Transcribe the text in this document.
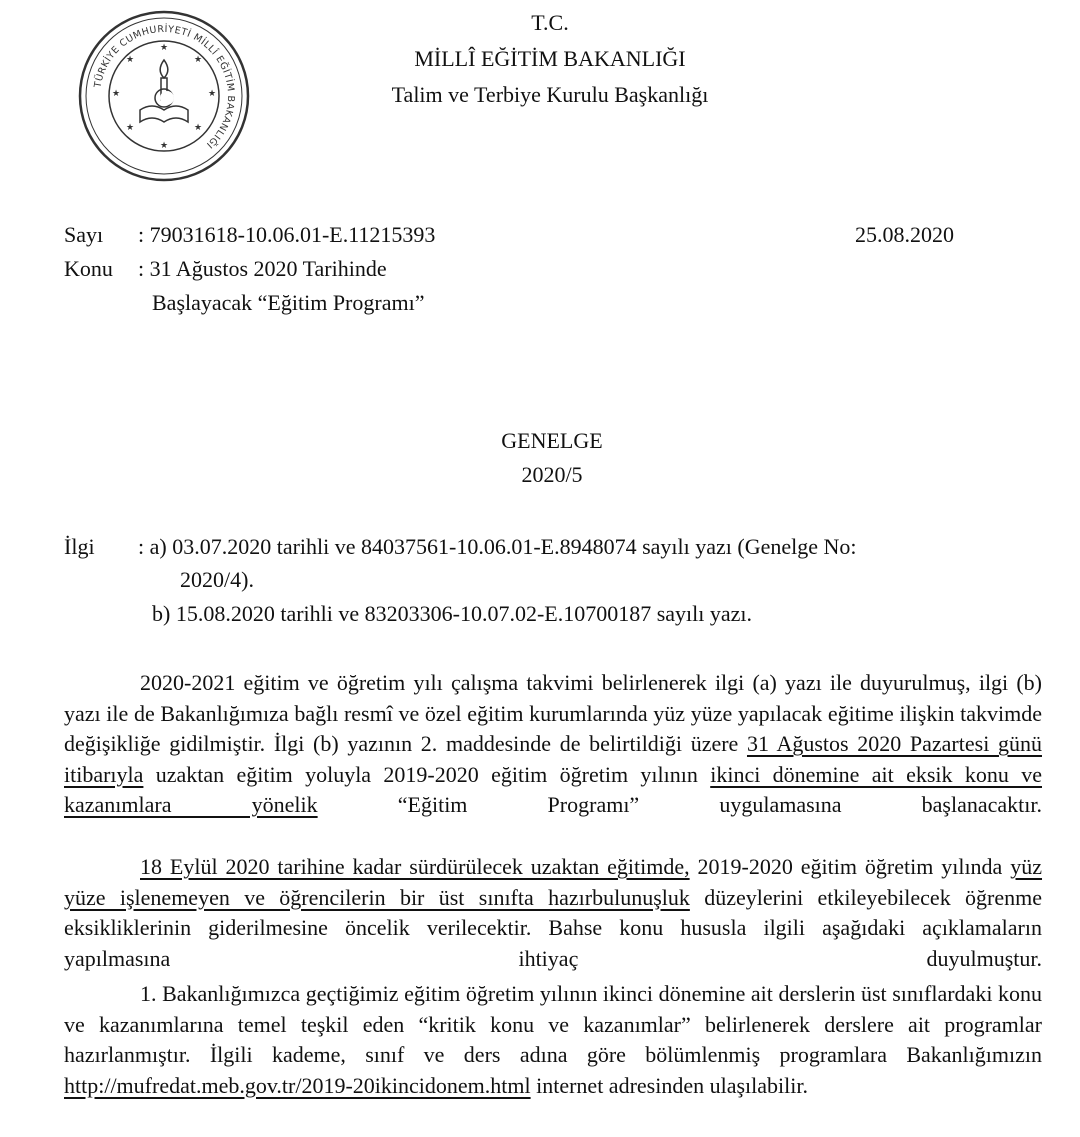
TÜRKİYE CUMHURİYETİ MİLLÎ EĞİTİM BAKANLIĞI
★
★
★
★
★
★
★
★
T.C.
MİLLÎ EĞİTİM BAKANLIĞI
Talim ve Terbiye Kurulu Başkanlığı
Sayı : 79031618-10.06.01-E.11215393	25.08.2020
Konu : 31 Ağustos 2020 Tarihinde
Başlayacak “Eğitim Programı”
GENELGE
2020/5
İlgi : a) 03.07.2020 tarihli ve 84037561-10.06.01-E.8948074 sayılı yazı (Genelge No:
2020/4).
b) 15.08.2020 tarihli ve 83203306-10.07.02-E.10700187 sayılı yazı.
2020-2021 eğitim ve öğretim yılı çalışma takvimi belirlenerek ilgi (a) yazı ile duyurulmuş, ilgi (b) yazı ile de Bakanlığımıza bağlı resmî ve özel eğitim kurumlarında yüz yüze yapılacak eğitime ilişkin takvimde değişikliğe gidilmiştir. İlgi (b) yazının 2. maddesinde de belirtildiği üzere 31 Ağustos 2020 Pazartesi günü itibarıyla uzaktan eğitim yoluyla 2019-2020 eğitim öğretim yılının ikinci dönemine ait eksik konu ve kazanımlara yönelik “Eğitim Programı” uygulamasına başlanacaktır.
18 Eylül 2020 tarihine kadar sürdürülecek uzaktan eğitimde, 2019-2020 eğitim öğretim yılında yüz yüze işlenemeyen ve öğrencilerin bir üst sınıfta hazırbulunuşluk düzeylerini etkileyebilecek öğrenme eksikliklerinin giderilmesine öncelik verilecektir. Bahse konu hususla ilgili aşağıdaki açıklamaların yapılmasına ihtiyaç duyulmuştur.
1. Bakanlığımızca geçtiğimiz eğitim öğretim yılının ikinci dönemine ait derslerin üst sınıflardaki konu ve kazanımlarına temel teşkil eden “kritik konu ve kazanımlar” belirlenerek derslere ait programlar hazırlanmıştır. İlgili kademe, sınıf ve ders adına göre bölümlenmiş programlara Bakanlığımızın http://mufredat.meb.gov.tr/2019-20ikincidonem.html internet adresinden ulaşılabilir.
